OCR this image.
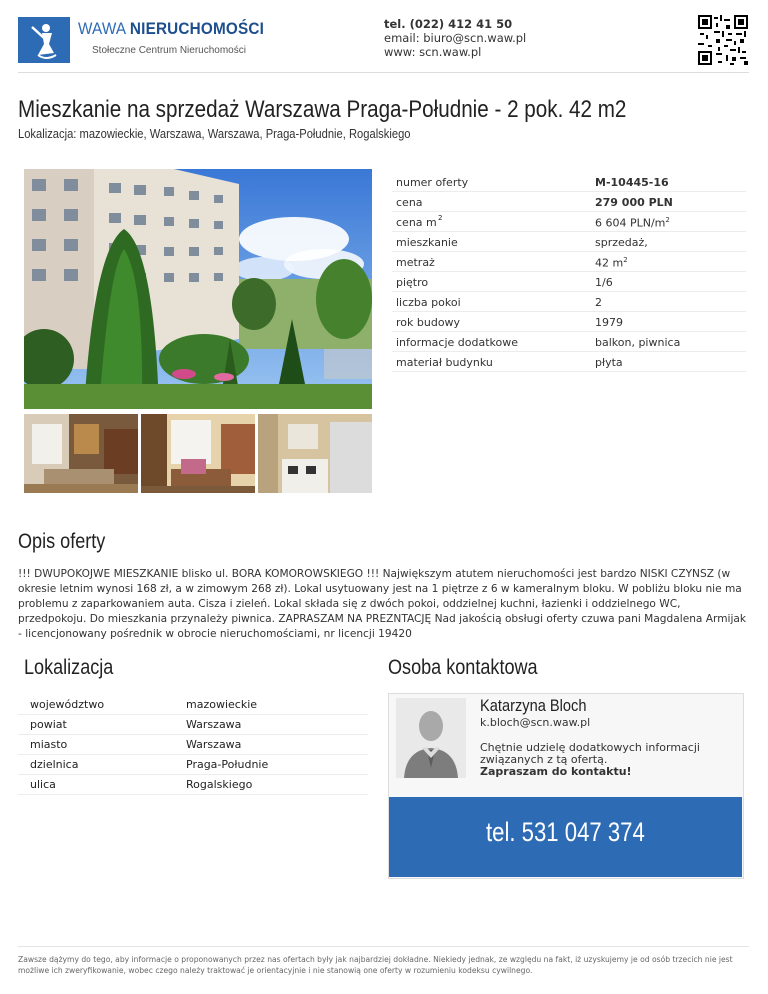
WAWA NIERUCHOMOŚCI
Stołeczne Centrum Nieruchomości
tel. (022) 412 41 50
email: biuro@scn.waw.pl
www: scn.waw.pl
Mieszkanie na sprzedaż Warszawa Praga-Południe - 2 pok. 42 m2
Lokalizacja: mazowieckie, Warszawa, Warszawa, Praga-Południe, Rogalskiego
numer oferty	M-10445-16
cena	279 000 PLN
cena m 2	6 604 PLN/$m^2$
mieszkanie	sprzedaż,
metraż	42 $m^2$
piętro	1/6
liczba pokoi	2
rok budowy	1979
informacje dodatkowe	balkon, piwnica
materiał budynku	płyta
Opis oferty
!!! DWUPOKOJWE MIESZKANIE blisko ul. BORA KOMOROWSKIEGO !!! Największym atutem nieruchomości jest bardzo NISKI CZYNSZ (w okresie letnim wynosi 168 zł, a w zimowym 268 zł). Lokal usytuowany jest na 1 piętrze z 6 w kameralnym bloku. W pobliżu bloku nie ma problemu z zaparkowaniem auta. Cisza i zieleń. Lokal składa się z dwóch pokoi, oddzielnej kuchni, łazienki i oddzielnego WC, przedpokoju. Do mieszkania przynależy piwnica. ZAPRASZAM NA PREZNTACJĘ Nad jakością obsługi oferty czuwa pani Magdalena Armijak - licencjonowany pośrednik w obrocie nieruchomościami, nr licencji 19420
Lokalizacja
województwo	mazowieckie
powiat	Warszawa
miasto	Warszawa
dzielnica	Praga-Południe
ulica	Rogalskiego
Osoba kontaktowa
Katarzyna Bloch
k.bloch@scn.waw.pl
Chętnie udzielę dodatkowych informacji związanych z tą ofertą.
Zapraszam do kontaktu!
tel. 531 047 374
Zawsze dążymy do tego, aby informacje o proponowanych przez nas ofertach były jak najbardziej dokładne. Niekiedy jednak, ze względu na fakt, iż uzyskujemy je od osób trzecich nie jest możliwe ich zweryfikowanie, wobec czego należy traktować je orientacyjnie i nie stanowią one oferty w rozumieniu kodeksu cywilnego.
